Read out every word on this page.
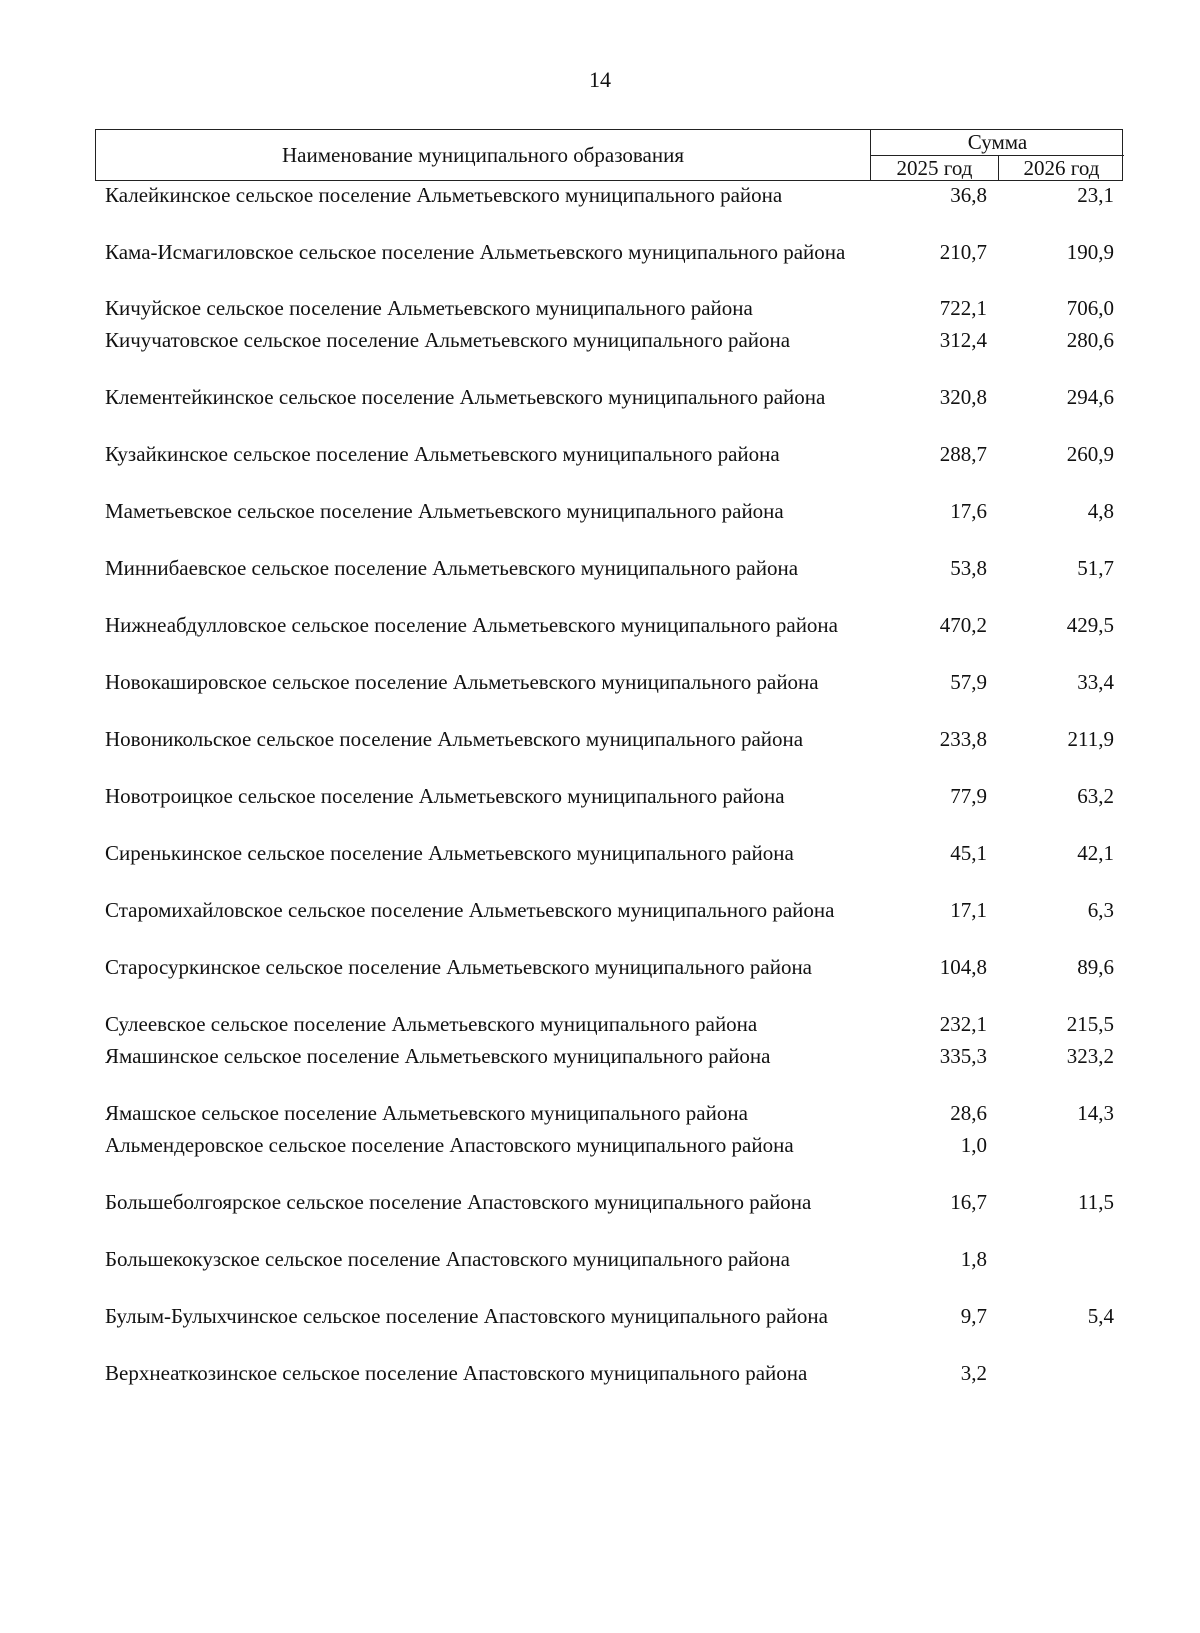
14
Наименование муниципального образования
Сумма
2025 год	2026 год
Калейкинское сельское поселение Альметьевского муниципального района	36,8	23,1
Кама-Исмагиловское сельское поселение Альметьевского муниципального района	210,7	190,9
Кичуйское сельское поселение Альметьевского муниципального района	722,1	706,0
Кичучатовское сельское поселение Альметьевского муниципального района	312,4	280,6
Клементейкинское сельское поселение Альметьевского муниципального района	320,8	294,6
Кузайкинское сельское поселение Альметьевского муниципального района	288,7	260,9
Маметьевское сельское поселение Альметьевского муниципального района	17,6	4,8
Миннибаевское сельское поселение Альметьевского муниципального района	53,8	51,7
Нижнеабдулловское сельское поселение Альметьевского муниципального района	470,2	429,5
Новокашировское сельское поселение Альметьевского муниципального района	57,9	33,4
Новоникольское сельское поселение Альметьевского муниципального района	233,8	211,9
Новотроицкое сельское поселение Альметьевского муниципального района	77,9	63,2
Сиренькинское сельское поселение Альметьевского муниципального района	45,1	42,1
Старомихайловское сельское поселение Альметьевского муниципального района	17,1	6,3
Старосуркинское сельское поселение Альметьевского муниципального района	104,8	89,6
Сулеевское сельское поселение Альметьевского муниципального района	232,1	215,5
Ямашинское сельское поселение Альметьевского муниципального района	335,3	323,2
Ямашское сельское поселение Альметьевского муниципального района	28,6	14,3
Альмендеровское сельское поселение Апастовского муниципального района	1,0
Большеболгоярское сельское поселение Апастовского муниципального района	16,7	11,5
Большекокузское сельское поселение Апастовского муниципального района	1,8
Булым-Булыхчинское сельское поселение Апастовского муниципального района	9,7	5,4
Верхнеаткозинское сельское поселение Апастовского муниципального района	3,2
